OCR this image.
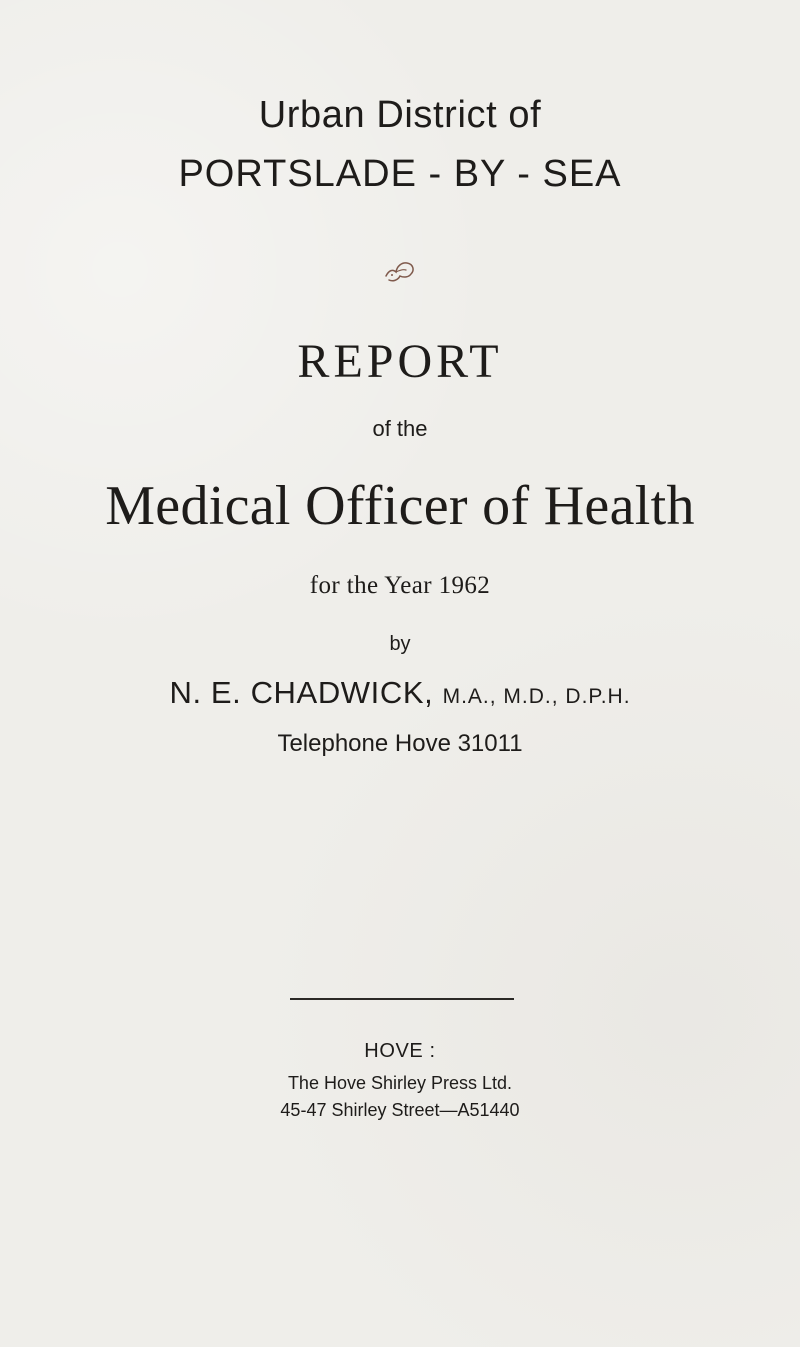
Urban District of
PORTSLADE - BY - SEA
REPORT
of the
Medical Officer of Health
for the Year 1962
by
N. E. CHADWICK, M.A., M.D., D.P.H.
Telephone Hove 31011
HOVE :
The Hove Shirley Press Ltd.
45-47 Shirley Street—A51440
